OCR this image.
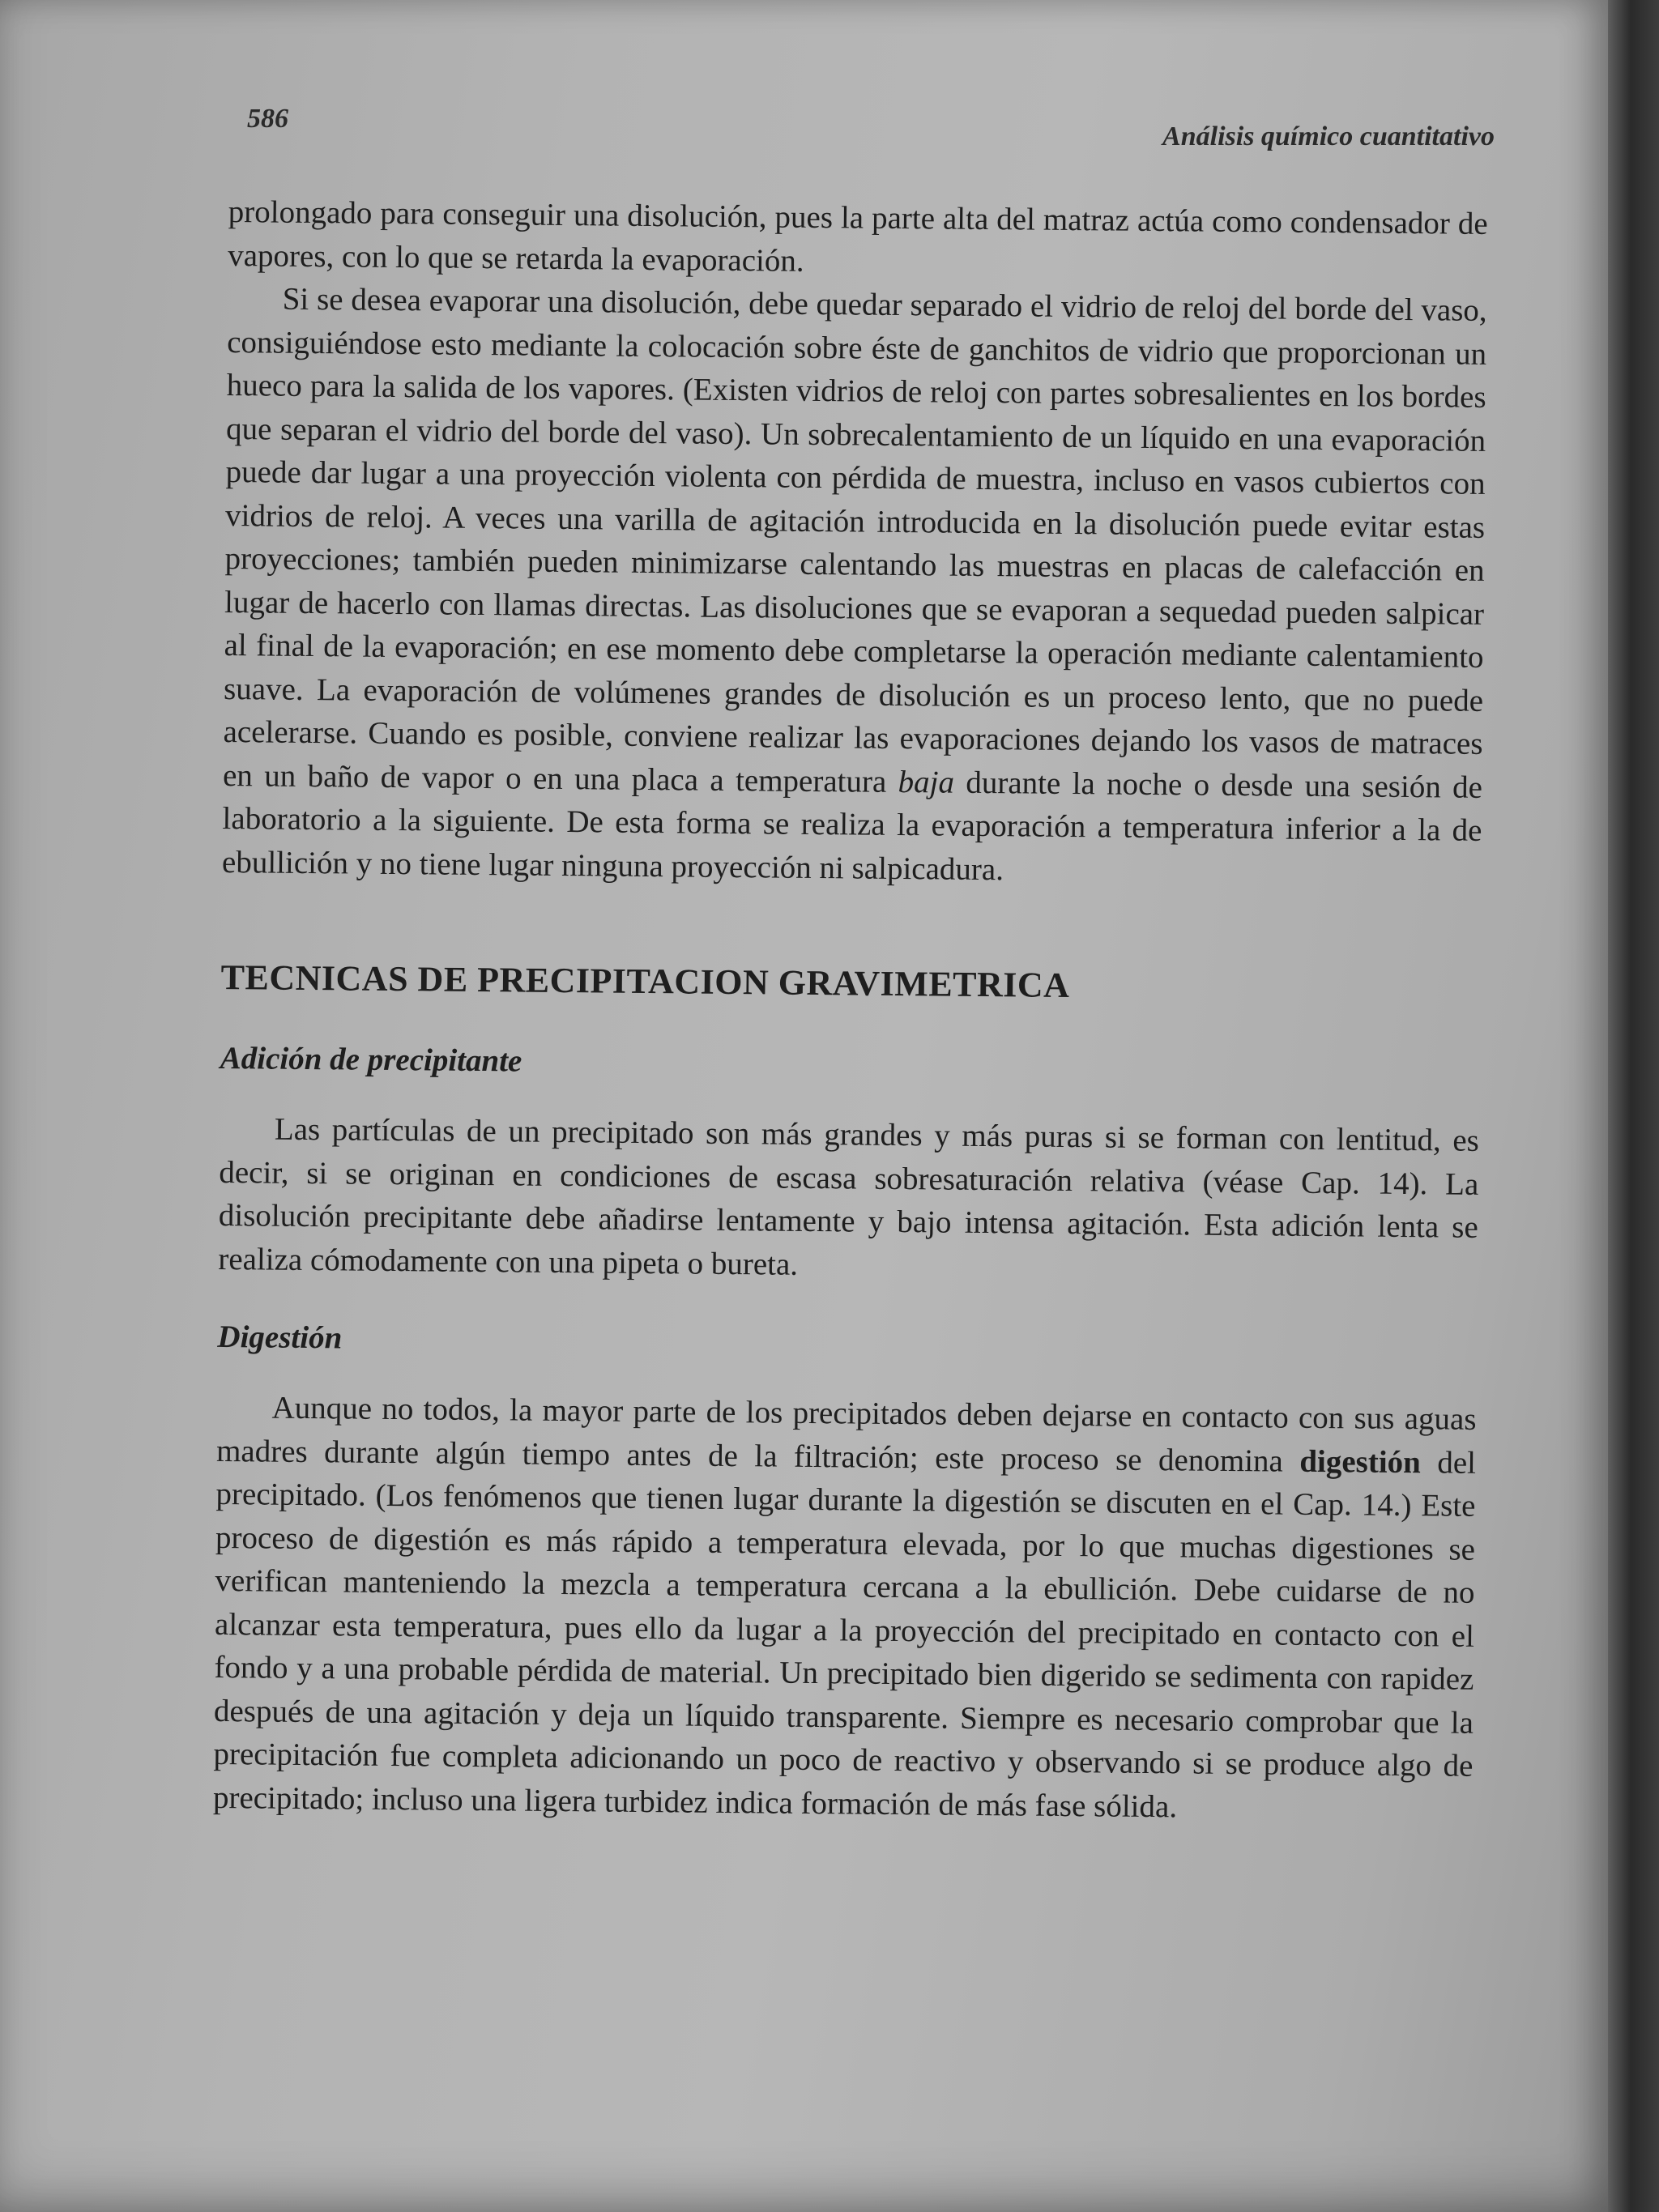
586
Análisis químico cuantitativo

prolongado para conseguir una disolución, pues la parte alta del matraz actúa como condensador de vapores, con lo que se retarda la evaporación.

Si se desea evaporar una disolución, debe quedar separado el vidrio de reloj del borde del vaso, consiguiéndose esto mediante la colocación sobre éste de ganchitos de vidrio que proporcionan un hueco para la salida de los vapores. (Existen vidrios de reloj con partes sobresalientes en los bordes que separan el vidrio del borde del vaso). Un sobrecalentamiento de un líquido en una evaporación puede dar lugar a una proyección violenta con pérdida de muestra, incluso en vasos cubiertos con vidrios de reloj. A veces una varilla de agitación introducida en la disolución puede evitar estas proyecciones; también pueden minimizarse calentando las muestras en placas de calefacción en lugar de hacerlo con llamas directas. Las disoluciones que se evaporan a sequedad pueden salpicar al final de la evaporación; en ese momento debe completarse la operación mediante calentamiento suave. La evaporación de volúmenes grandes de disolución es un proceso lento, que no puede acelerarse. Cuando es posible, conviene realizar las evaporaciones dejando los vasos de matraces en un baño de vapor o en una placa a temperatura baja durante la noche o desde una sesión de laboratorio a la siguiente. De esta forma se realiza la evaporación a temperatura inferior a la de ebullición y no tiene lugar ninguna proyección ni salpicadura.

TECNICAS DE PRECIPITACION GRAVIMETRICA
Adición de precipitante

Las partículas de un precipitado son más grandes y más puras si se forman con lentitud, es decir, si se originan en condiciones de escasa sobresaturación relativa (véase Cap. 14). La disolución precipitante debe añadirse lentamente y bajo intensa agitación. Esta adición lenta se realiza cómodamente con una pipeta o bureta.

Digestión

Aunque no todos, la mayor parte de los precipitados deben dejarse en contacto con sus aguas madres durante algún tiempo antes de la filtración; este proceso se denomina digestión del precipitado. (Los fenómenos que tienen lugar durante la digestión se discuten en el Cap. 14.) Este proceso de digestión es más rápido a temperatura elevada, por lo que muchas digestiones se verifican manteniendo la mezcla a temperatura cercana a la ebullición. Debe cuidarse de no alcanzar esta temperatura, pues ello da lugar a la proyección del precipitado en contacto con el fondo y a una probable pérdida de material. Un precipitado bien digerido se sedimenta con rapidez después de una agitación y deja un líquido transparente. Siempre es necesario comprobar que la precipitación fue completa adicionando un poco de reactivo y observando si se produce algo de precipitado; incluso una ligera turbidez indica formación de más fase sólida.
